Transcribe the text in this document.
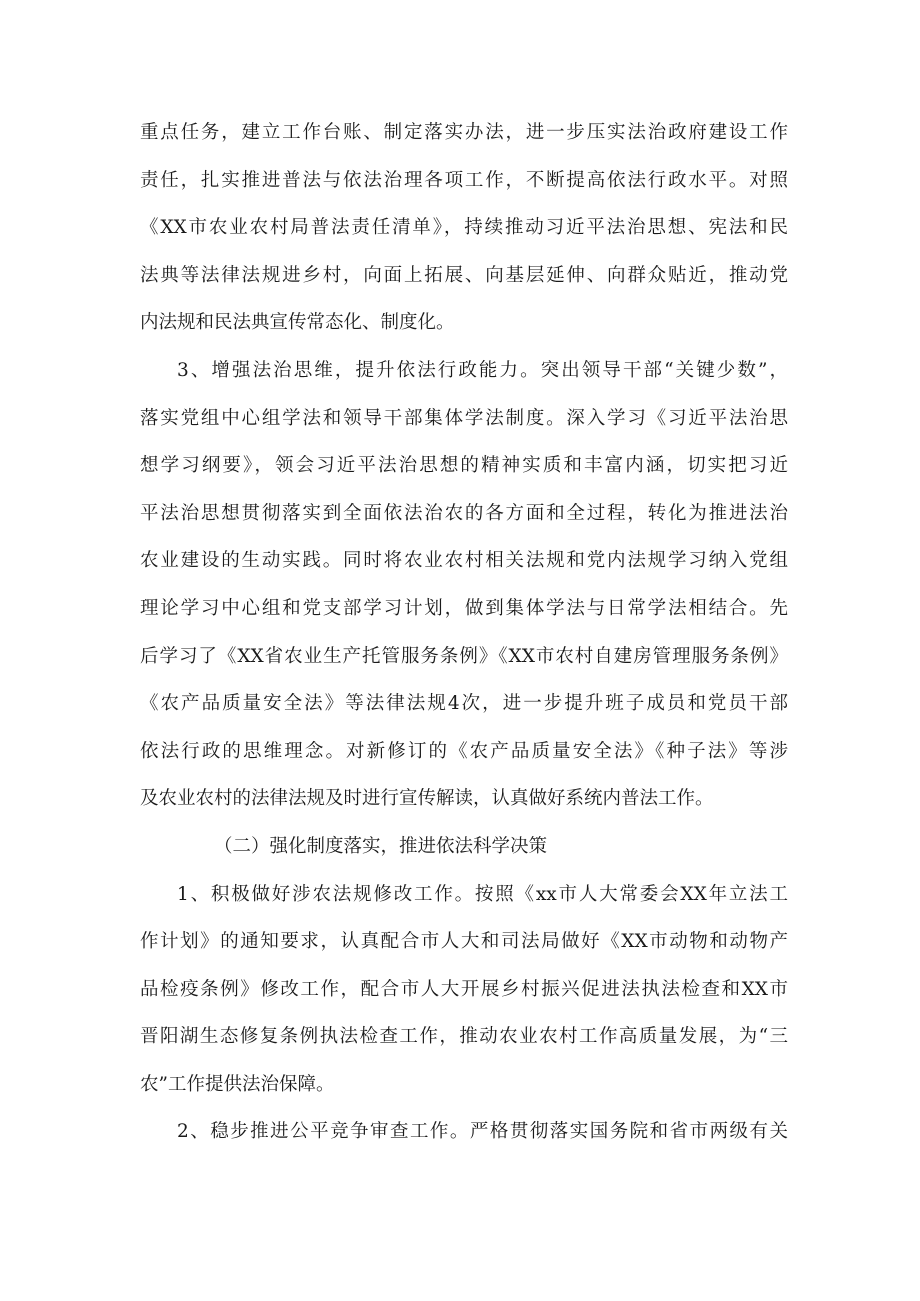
重点任务，建立工作台账、制定落实办法，进一步压实法治政府建设工作
责任，扎实推进普法与依法治理各项工作，不断提高依法行政水平。对照
《XX市农业农村局普法责任清单》，持续推动习近平法治思想、宪法和民
法典等法律法规进乡村，向面上拓展、向基层延伸、向群众贴近，推动党
内法规和民法典宣传常态化、制度化。
3、增强法治思维，提升依法行政能力。突出领导干部“关键少数”，
落实党组中心组学法和领导干部集体学法制度。深入学习《习近平法治思
想学习纲要》，领会习近平法治思想的精神实质和丰富内涵，切实把习近
平法治思想贯彻落实到全面依法治农的各方面和全过程，转化为推进法治
农业建设的生动实践。同时将农业农村相关法规和党内法规学习纳入党组
理论学习中心组和党支部学习计划，做到集体学法与日常学法相结合。先
后学习了《XX省农业生产托管服务条例》《XX市农村自建房管理服务条例》
《农产品质量安全法》等法律法规4次，进一步提升班子成员和党员干部
依法行政的思维理念。对新修订的《农产品质量安全法》《种子法》等涉
及农业农村的法律法规及时进行宣传解读，认真做好系统内普法工作。
（二）强化制度落实，推进依法科学决策
1、积极做好涉农法规修改工作。按照《xx市人大常委会XX年立法工
作计划》的通知要求，认真配合市人大和司法局做好《XX市动物和动物产
品检疫条例》修改工作，配合市人大开展乡村振兴促进法执法检查和XX市
晋阳湖生态修复条例执法检查工作，推动农业农村工作高质量发展，为“三
农”工作提供法治保障。
2、稳步推进公平竞争审查工作。严格贯彻落实国务院和省市两级有关
